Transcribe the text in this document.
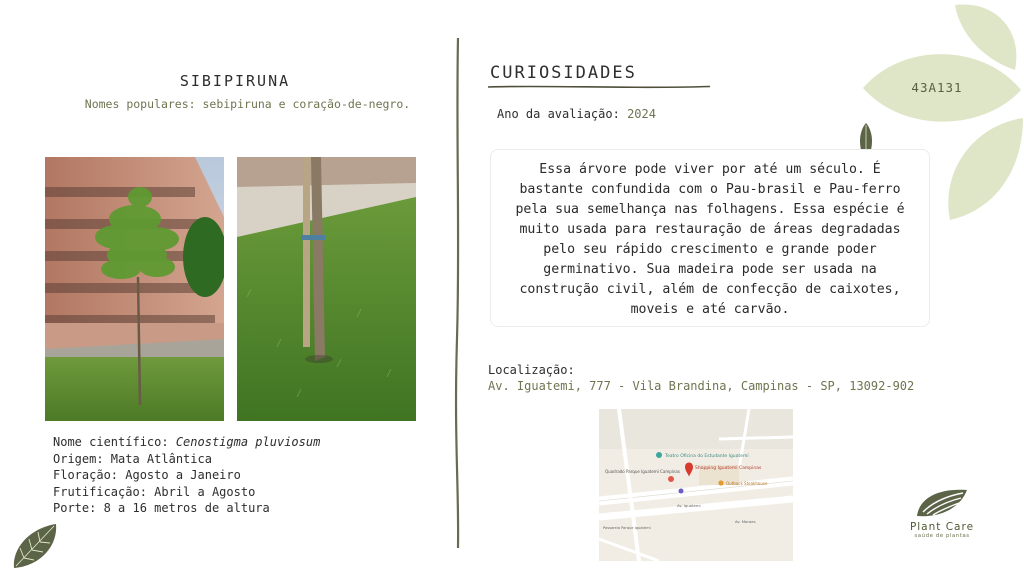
SIBIPIRUNA
Nomes populares: sebipiruna e coração-de-negro.
Nome científico: Cenostigma pluviosum
Origem: Mata Atlântica
Floração: Agosto a Janeiro
Frutificação: Abril a Agosto
Porte: 8 a 16 metros de altura
CURIOSIDADES
Ano da avaliação: 2024
Essa árvore pode viver por até um século. É bastante confundida com o Pau-brasil e Pau-ferro pela sua semelhança nas folhagens. Essa espécie é muito usada para restauração de áreas degradadas pelo seu rápido crescimento e grande poder germinativo. Sua madeira pode ser usada na construção civil, além de confecção de caixotes, moveis e até carvão.
Localização:
Av. Iguatemi, 777 - Vila Brandina, Campinas - SP, 13092-902
Teatro Oficina do Estudante Iguatemi
Quadrado Parque Iguatemi Campinas
Shopping Iguatemi Campinas
Outback Steakhouse
Av. Iguatemi
Av. Moraes
Passarela Parque Iguatemi
43A131
Plant Care
saúde de plantas
